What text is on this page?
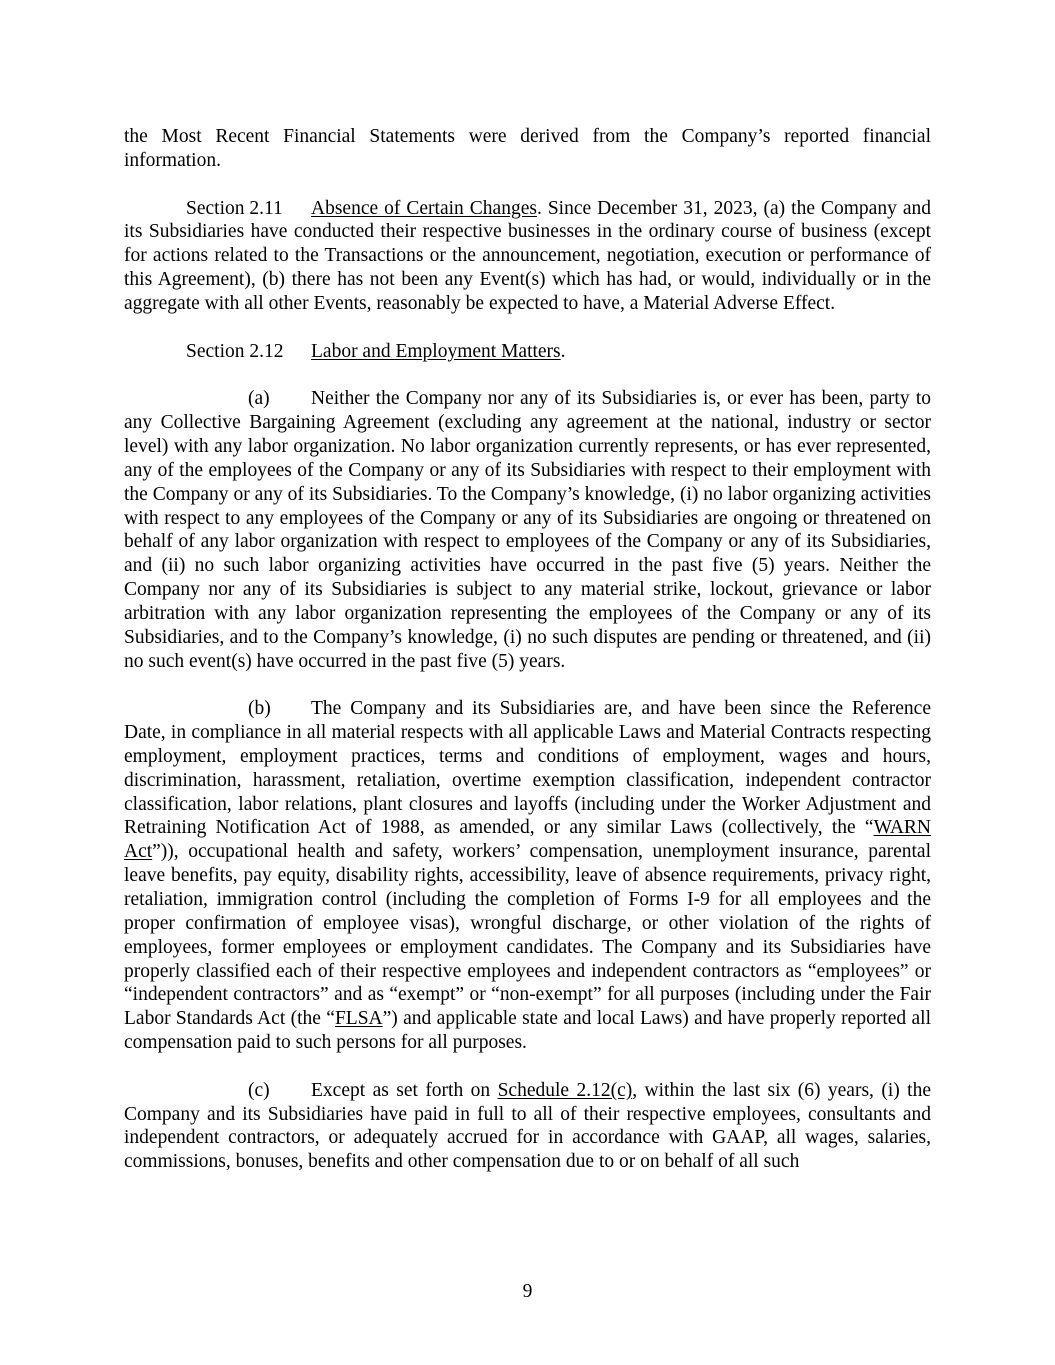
the Most Recent Financial Statements were derived from the Company’s reported financial information.

Section 2.11 Absence of Certain Changes. Since December 31, 2023, (a) the Company and its Subsidiaries have conducted their respective businesses in the ordinary course of business (except for actions related to the Transactions or the announcement, negotiation, execution or performance of this Agreement), (b) there has not been any Event(s) which has had, or would, individually or in the aggregate with all other Events, reasonably be expected to have, a Material Adverse Effect.

Section 2.12 Labor and Employment Matters.

(a) Neither the Company nor any of its Subsidiaries is, or ever has been, party to any Collective Bargaining Agreement (excluding any agreement at the national, industry or sector level) with any labor organization. No labor organization currently represents, or has ever represented, any of the employees of the Company or any of its Subsidiaries with respect to their employment with the Company or any of its Subsidiaries. To the Company’s knowledge, (i) no labor organizing activities with respect to any employees of the Company or any of its Subsidiaries are ongoing or threatened on behalf of any labor organization with respect to employees of the Company or any of its Subsidiaries, and (ii) no such labor organizing activities have occurred in the past five (5) years. Neither the Company nor any of its Subsidiaries is subject to any material strike, lockout, grievance or labor arbitration with any labor organization representing the employees of the Company or any of its Subsidiaries, and to the Company’s knowledge, (i) no such disputes are pending or threatened, and (ii) no such event(s) have occurred in the past five (5) years.

(b) The Company and its Subsidiaries are, and have been since the Reference Date, in compliance in all material respects with all applicable Laws and Material Contracts respecting employment, employment practices, terms and conditions of employment, wages and hours, discrimination, harassment, retaliation, overtime exemption classification, independent contractor classification, labor relations, plant closures and layoffs (including under the Worker Adjustment and Retraining Notification Act of 1988, as amended, or any similar Laws (collectively, the “WARN Act”)), occupational health and safety, workers’ compensation, unemployment insurance, parental leave benefits, pay equity, disability rights, accessibility, leave of absence requirements, privacy right, retaliation, immigration control (including the completion of Forms I-9 for all employees and the proper confirmation of employee visas), wrongful discharge, or other violation of the rights of employees, former employees or employment candidates. The Company and its Subsidiaries have properly classified each of their respective employees and independent contractors as “employees” or “independent contractors” and as “exempt” or “non-exempt” for all purposes (including under the Fair Labor Standards Act (the “FLSA”) and applicable state and local Laws) and have properly reported all compensation paid to such persons for all purposes.

(c) Except as set forth on Schedule 2.12(c), within the last six (6) years, (i) the Company and its Subsidiaries have paid in full to all of their respective employees, consultants and independent contractors, or adequately accrued for in accordance with GAAP, all wages, salaries, commissions, bonuses, benefits and other compensation due to or on behalf of all such

9
